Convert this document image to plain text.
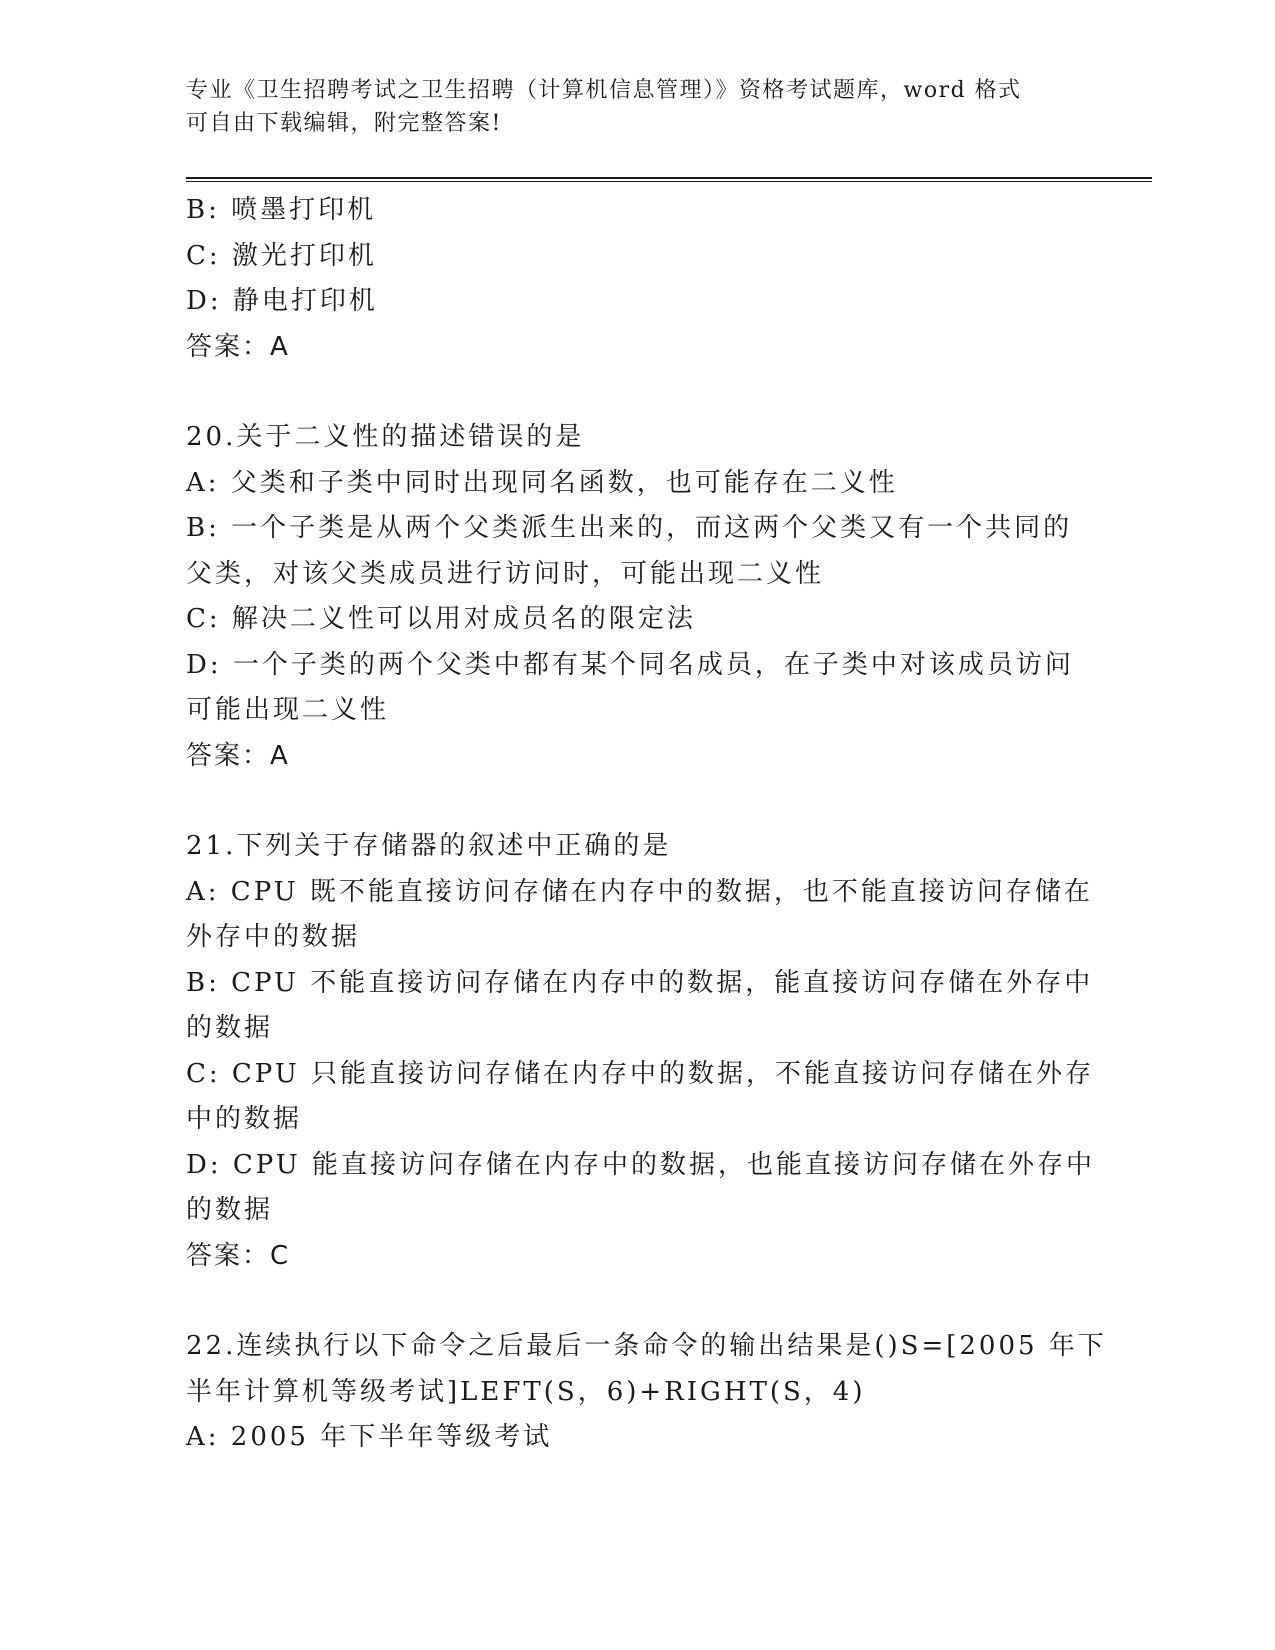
专业《卫生招聘考试之卫生招聘（计算机信息管理）》资格考试题库，word 格式
可自由下载编辑，附完整答案!

B: 喷墨打印机

C: 激光打印机

D: 静电打印机

答案：A

20.关于二义性的描述错误的是

A: 父类和子类中同时出现同名函数，也可能存在二义性

B: 一个子类是从两个父类派生出来的，而这两个父类又有一个共同的

父类，对该父类成员进行访问时，可能出现二义性

C: 解决二义性可以用对成员名的限定法

D: 一个子类的两个父类中都有某个同名成员，在子类中对该成员访问

可能出现二义性

答案：A

21.下列关于存储器的叙述中正确的是

A: CPU 既不能直接访问存储在内存中的数据，也不能直接访问存储在

外存中的数据

B: CPU 不能直接访问存储在内存中的数据，能直接访问存储在外存中

的数据

C: CPU 只能直接访问存储在内存中的数据，不能直接访问存储在外存

中的数据

D: CPU 能直接访问存储在内存中的数据，也能直接访问存储在外存中

的数据

答案：C

22.连续执行以下命令之后最后一条命令的输出结果是()S=[2005 年下

半年计算机等级考试]LEFT(S，6)+RIGHT(S，4)

A: 2005 年下半年等级考试
